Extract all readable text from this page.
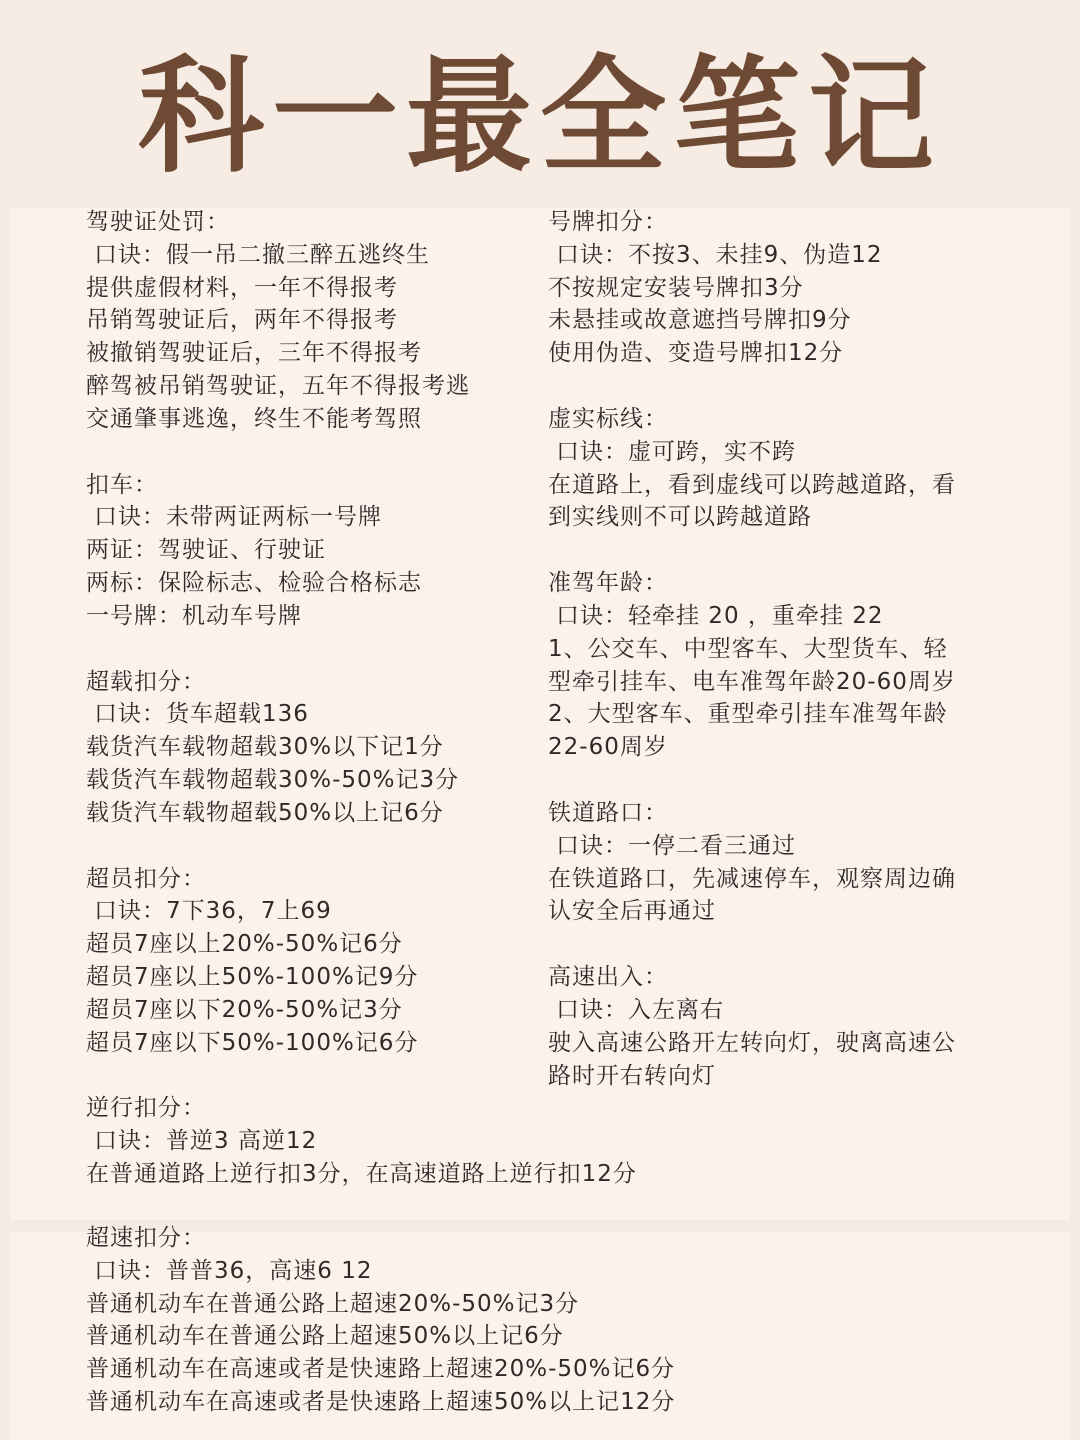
科一最全笔记
驾驶证处罚：
口诀：假一吊二撤三醉五逃终生
提供虚假材料，一年不得报考
吊销驾驶证后，两年不得报考
被撤销驾驶证后，三年不得报考
醉驾被吊销驾驶证，五年不得报考逃
交通肇事逃逸，终生不能考驾照
扣车：
口诀：未带两证两标一号牌
两证：驾驶证、行驶证
两标：保险标志、检验合格标志
一号牌：机动车号牌
超载扣分：
口诀：货车超载136
载货汽车载物超载30%以下记1分
载货汽车载物超载30%-50%记3分
载货汽车载物超载50%以上记6分
超员扣分：
口诀：7下36，7上69
超员7座以上20%-50%记6分
超员7座以上50%-100%记9分
超员7座以下20%-50%记3分
超员7座以下50%-100%记6分
逆行扣分：
口诀：普逆3 高逆12
在普通道路上逆行扣3分，在高速道路上逆行扣12分
号牌扣分：
口诀：不按3、未挂9、伪造12
不按规定安装号牌扣3分
未悬挂或故意遮挡号牌扣9分
使用伪造、变造号牌扣12分
虚实标线：
口诀：虚可跨，实不跨
在道路上，看到虚线可以跨越道路，看
到实线则不可以跨越道路
准驾年龄：
口诀：轻牵挂 20 ，重牵挂 22
1、公交车、中型客车、大型货车、轻
型牵引挂车、电车准驾年龄20-60周岁
2、大型客车、重型牵引挂车准驾年龄
22-60周岁
铁道路口：
口诀：一停二看三通过
在铁道路口，先减速停车，观察周边确
认安全后再通过
高速出入：
口诀：入左离右
驶入高速公路开左转向灯，驶离高速公
路时开右转向灯
超速扣分：
口诀：普普36，高速6 12
普通机动车在普通公路上超速20%-50%记3分
普通机动车在普通公路上超速50%以上记6分
普通机动车在高速或者是快速路上超速20%-50%记6分
普通机动车在高速或者是快速路上超速50%以上记12分
